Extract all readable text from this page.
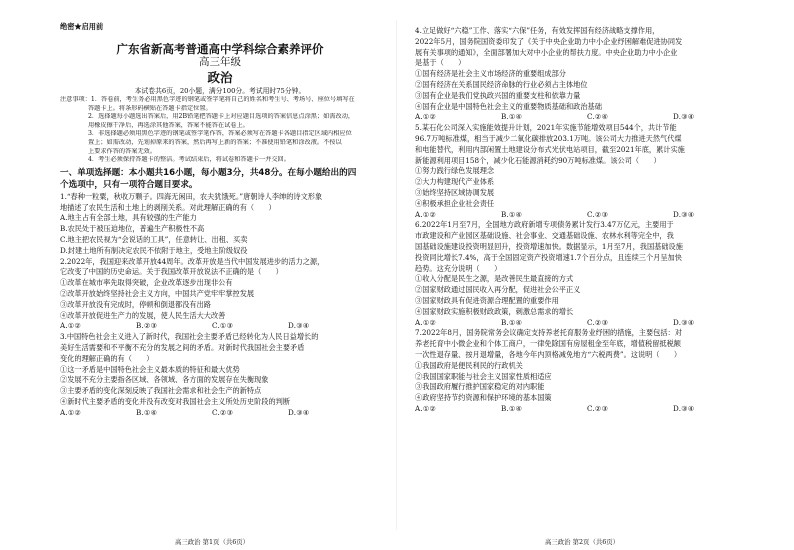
绝密★启用前
广东省新高考普通高中学科综合素养评价
高三年级
政治

本试卷共6页，20小题，满分100分。考试用时75分钟。

注意事项：1．答卷前，考生务必用黑色字迹的钢笔或签字笔将自己的姓名和考生号、考场号、座位号填写在

答题卡上。将条形码横贴在答题卡指定位置。

2．选择题每小题选出答案后，用2B铅笔把答题卡上对应题目选项的答案信息点涂黑；如需改动，

用橡皮擦干净后，再选涂其他答案，答案不能答在试卷上。

3．非选择题必须用黑色字迹的钢笔或签字笔作答，答案必须写在答题卡各题目指定区域内相应位

置上；如需改动，先划掉原来的答案，然后再写上新的答案；不准使用铅笔和涂改液。不按以

上要求作答的答案无效。

4．考生必须保持答题卡的整洁。考试结束后，将试卷和答题卡一并交回。

一、单项选择题：本小题共16小题，每小题3分，共48分。在每小题给出的四
个选项中，只有一项符合题目要求。

1.“春种一粒粟，秋收万颗子。四海无闲田，农夫犹饿死。”唐朝诗人李绅的诗文形象

地描述了农民生活和土地上的剥削关系。对此理解正确的有（　　）

A.地主占有全部土地，具有较强的生产能力

B.农民处于被压迫地位，普遍生产积极性不高

C.地主把农民视为“会说话的工具”，任意转让、出租、买卖

D.封建土地所有制决定农民不依附于地主，受地主阶级奴役

2.2022年，我国迎来改革开放44周年。改革开放是当代中国发展进步的活力之源，

它改变了中国的历史命运。关于我国改革开放说法不正确的是（　　）

①改革在城市率先取得突破，企业改革逐步出现非公有

②改革开放始终坚持社会主义方向，中国共产党牢牢掌控发展

③改革开放没有完成时，停顿和倒退都没有出路

④改革开放促进生产力的发展，使人民生活大大改善

A.①②	B.②③	C.①③	D.③④

3.中国特色社会主义进入了新时代，我国社会主要矛盾已经转化为人民日益增长的

美好生活需要和不平衡不充分的发展之间的矛盾。对新时代我国社会主要矛盾

变化的理解正确的有（　　）

①这一矛盾是中国特色社会主义最本质的特征和最大优势

②发展不充分主要指各区域、各领域、各方面的发展存在失衡现象

③主要矛盾的变化深刻反映了我国社会需求和社会生产的新特点

④新时代主要矛盾的变化并没有改变对我国社会主义所处历史阶段的判断

A.①②	B.①④	C.②③	D.③④

高三政治 第1页（共6页）

4.立足做好“六稳”工作、落实“六保”任务，有效发挥国有经济战略支撑作用，

2022年5月，国务院国资委印发了《关于中央企业助力中小企业纾困解难促进协同发

展有关事项的通知》，全面部署加大对中小企业的帮扶力度。中央企业助力中小企业

是基于（　　）

①国有经济是社会主义市场经济的重要组成部分

②国有经济在关系国民经济命脉的行业必须占主体地位

③国有企业是我们党执政兴国的重要支柱和依靠力量

④国有企业是中国特色社会主义的重要物质基础和政治基础

A.①②	B.①④	C.②④	D.③④

5.某石化公司深入实施能效提升计划，2021年实施节能增效项目544个，共计节能

96.7万吨标准煤，相当于减少二氧化碳排放203.1万吨。该公司大力推进天然气代煤

和电能替代，利用内部闲置土地建设分布式光伏电站项目，截至2021年底，累计实施

新能源利用项目158个，减少化石能源消耗约90万吨标准煤。该公司（　　）

①努力践行绿色发展理念

②大力构建现代产业体系

③始终坚持区域协调发展

④积极承担企业社会责任

A.①②	B.①④	C.②③	D.③④

6.2022年1月至7月，全国地方政府新增专项债务累计发行3.47万亿元，主要用于

市政建设和产业园区基础设施、社会事业、交通基础设施、农林水利等完全中，我

国基础设施建设投资明显回升，投资增速加快。数据显示，1月至7月，我国基础设施

投资同比增长7.4%，高于全国固定资产投资增速1.7个百分点，且连续三个月呈加快

趋势。这充分说明（　　）

①收入分配是民生之源，是改善民生最直接的方式

②国家财政通过国民收入再分配，促进社会公平正义

③国家财政具有促进资源合理配置的重要作用

④国家财政实施积极财政政策，刺激总需求的增长

A.①②	B.①④	C.②③	D.③④

7.2022年8月，国务院常务会议确定支持养老托育服务业纾困的措施，主要包括：对

养老托育中小微企业和个体工商户，一律免除国有房屋租金至年底，增值税留抵税额

一次性退存量、按月退增量，各地今年内顶格减免地方“六税两费”。这说明（　　）

①我国政府是便民利民的行政机关

②我国国家职能与社会主义国家性质相适应

③我国政府履行推护国家稳定的对内职能

④政府坚持节约资源和保护环境的基本国策

A.①②	B.①④	C.②③	D.③④

高三政治 第2页（共6页）
